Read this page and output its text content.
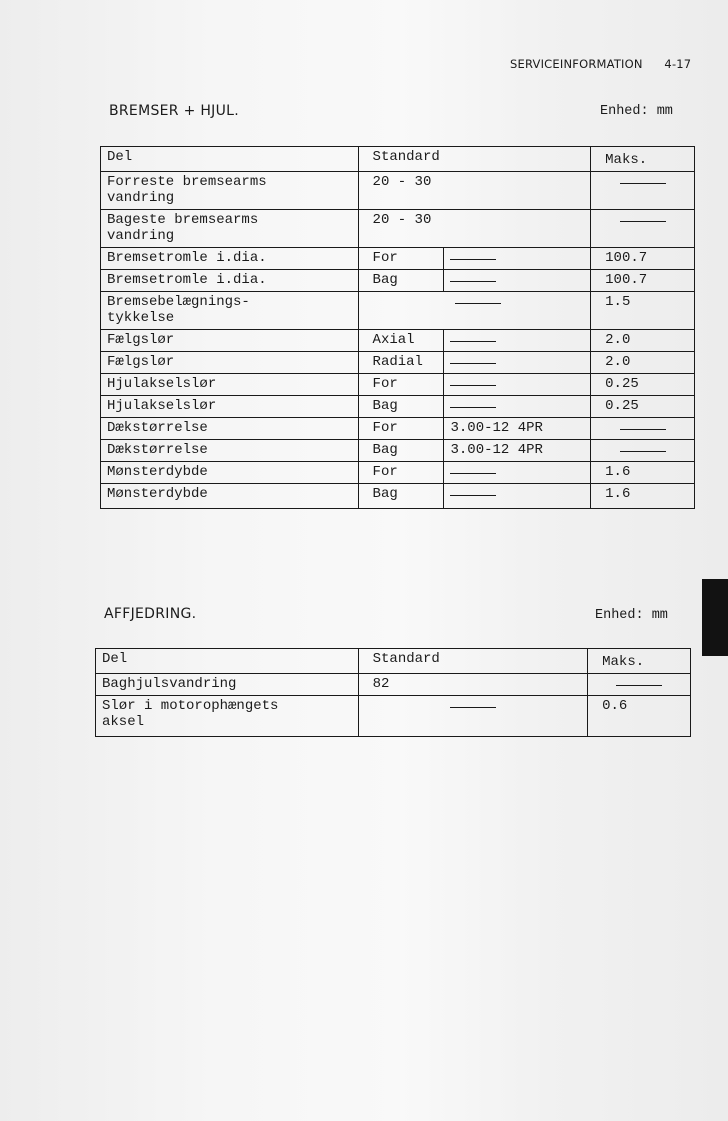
SERVICEINFORMATION 4-17
BREMSER + HJUL.	Enhed: mm
Del	Standard		Maks.

Forreste bremsearms
vandring	20 - 30		

Bageste bremsearms
vandring	20 - 30		
Bremsetromle i.dia.	For		100.7
Bremsetromle i.dia.	Bag		100.7

Bremsebelægnings-
tykkelse			1.5
Fælgslør	Axial		2.0
Fælgslør	Radial		2.0
Hjulakselslør	For		0.25
Hjulakselslør	Bag		0.25
Dækstørrelse	For	3.00-12 4PR	
Dækstørrelse	Bag	3.00-12 4PR	
Mønsterdybde	For		1.6
Mønsterdybde	Bag		1.6
AFFJEDRING.	Enhed: mm
Del	Standard	Maks.
Baghjulsvandring	82	

Slør i motorophængets
aksel		0.6
